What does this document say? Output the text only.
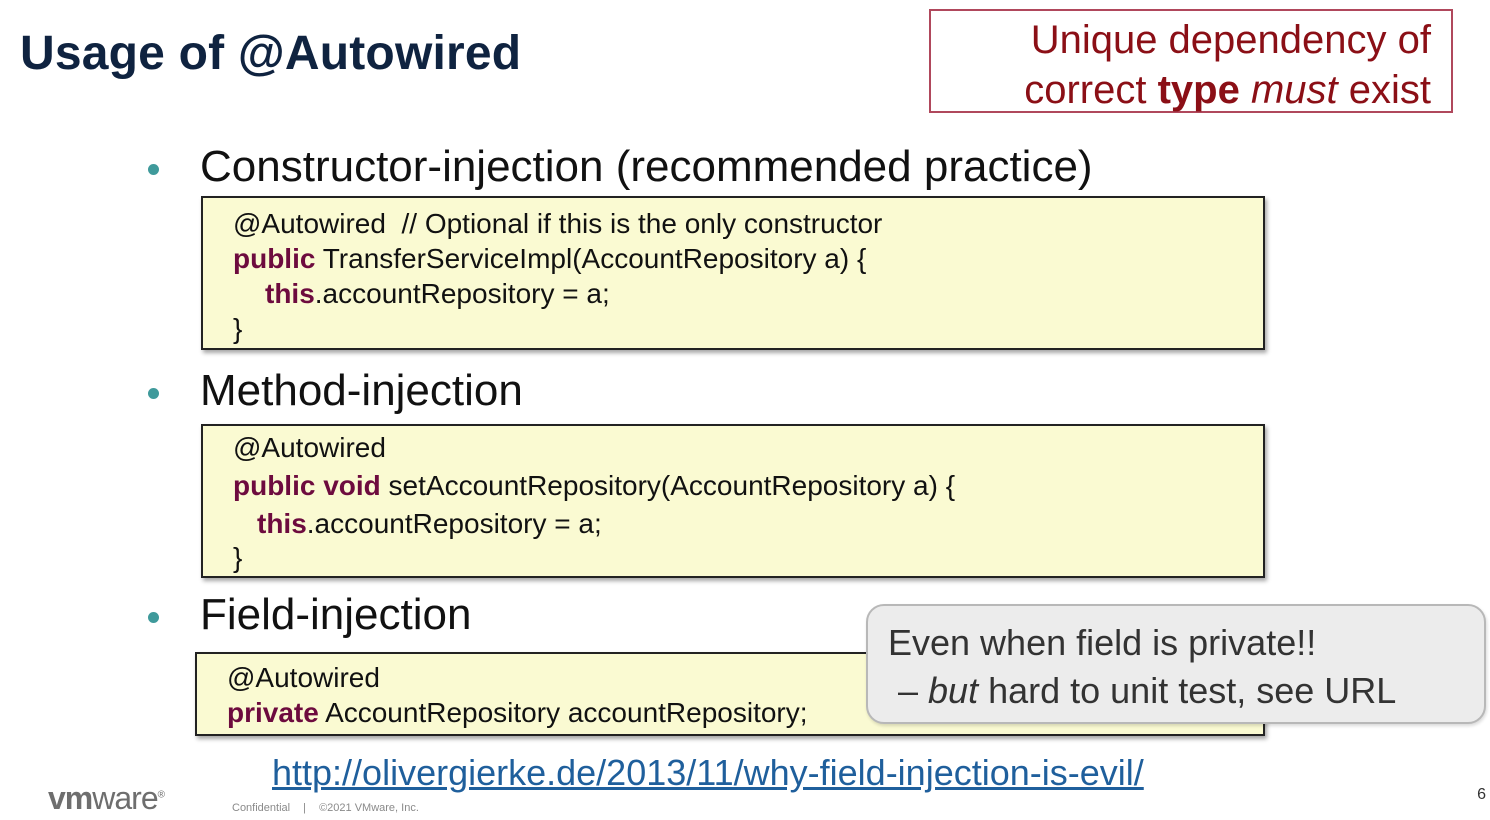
Usage of @Autowired	Unique dependency of
correct type must exist
Constructor-injection (recommended practice)
@Autowired  // Optional if this is the only constructor
public TransferServiceImpl(AccountRepository a) {
this.accountRepository = a;
}
Method-injection
@Autowired
public void setAccountRepository(AccountRepository a) {
this.accountRepository = a;
}
Field-injection
@Autowired
private AccountRepository accountRepository;
Even when field is private!!
– but hard to unit test, see URL
http://olivergierke.de/2013/11/why-field-injection-is-evil/
vmware®
Confidential | ©2021 VMware, Inc.
6
